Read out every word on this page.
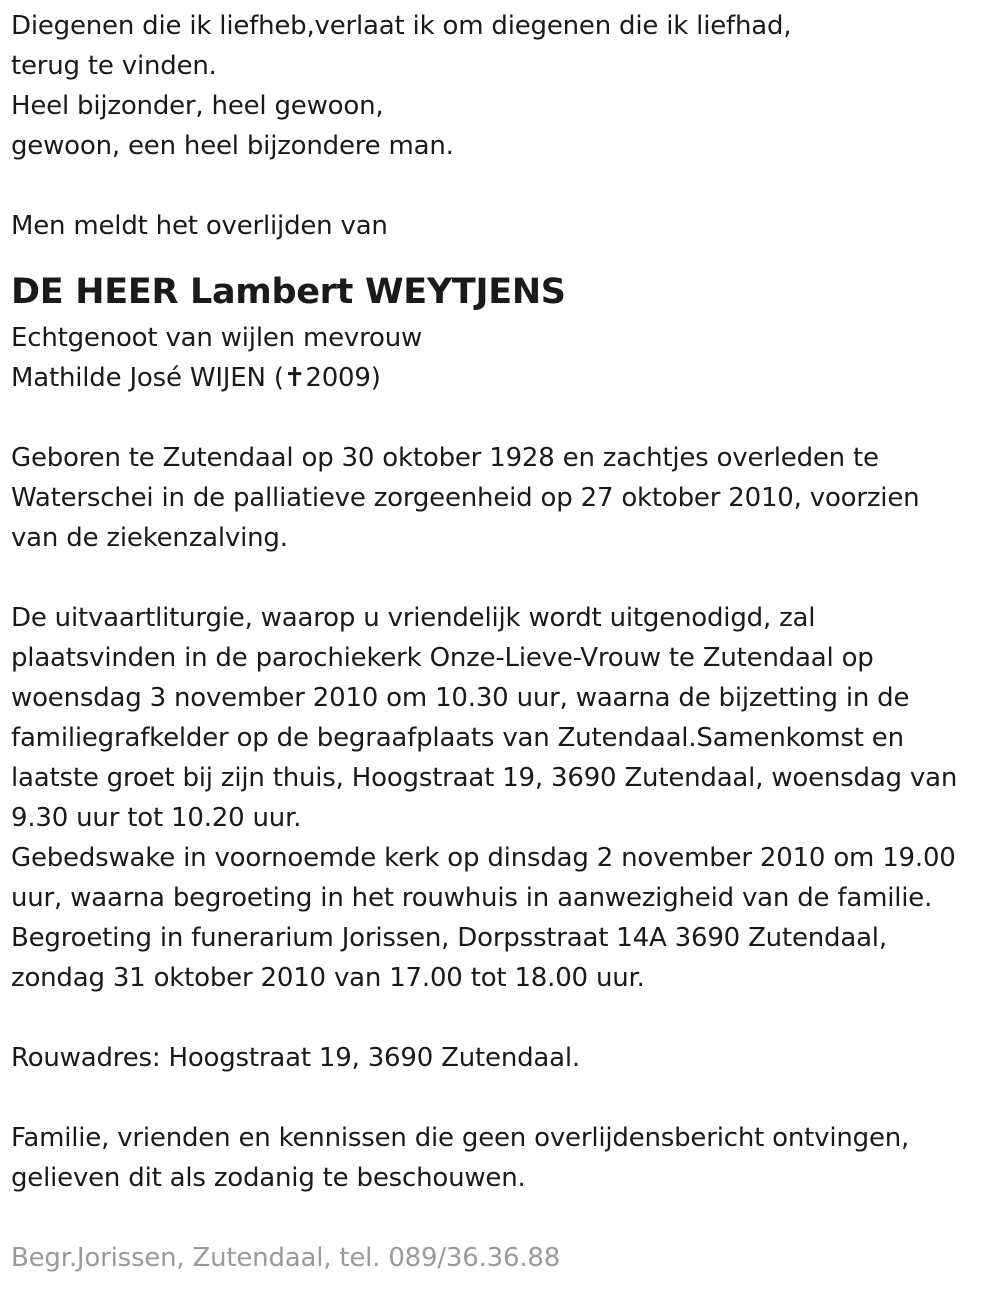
Diegenen die ik liefheb,verlaat ik om diegenen die ik liefhad,
terug te vinden.
Heel bijzonder, heel gewoon,
gewoon, een heel bijzondere man.
Men meldt het overlijden van
DE HEER Lambert WEYTJENS
Echtgenoot van wijlen mevrouw
Mathilde José WIJEN (✝2009)
Geboren te Zutendaal op 30 oktober 1928 en zachtjes overleden te
Waterschei in de palliatieve zorgeenheid op 27 oktober 2010, voorzien
van de ziekenzalving.
De uitvaartliturgie, waarop u vriendelijk wordt uitgenodigd, zal
plaatsvinden in de parochiekerk Onze-Lieve-Vrouw te Zutendaal op
woensdag 3 november 2010 om 10.30 uur, waarna de bijzetting in de
familiegrafkelder op de begraafplaats van Zutendaal.Samenkomst en
laatste groet bij zijn thuis, Hoogstraat 19, 3690 Zutendaal, woensdag van
9.30 uur tot 10.20 uur.
Gebedswake in voornoemde kerk op dinsdag 2 november 2010 om 19.00
uur, waarna begroeting in het rouwhuis in aanwezigheid van de familie.
Begroeting in funerarium Jorissen, Dorpsstraat 14A 3690 Zutendaal,
zondag 31 oktober 2010 van 17.00 tot 18.00 uur.
Rouwadres: Hoogstraat 19, 3690 Zutendaal.
Familie, vrienden en kennissen die geen overlijdensbericht ontvingen,
gelieven dit als zodanig te beschouwen.
Begr.Jorissen, Zutendaal, tel. 089/36.36.88
